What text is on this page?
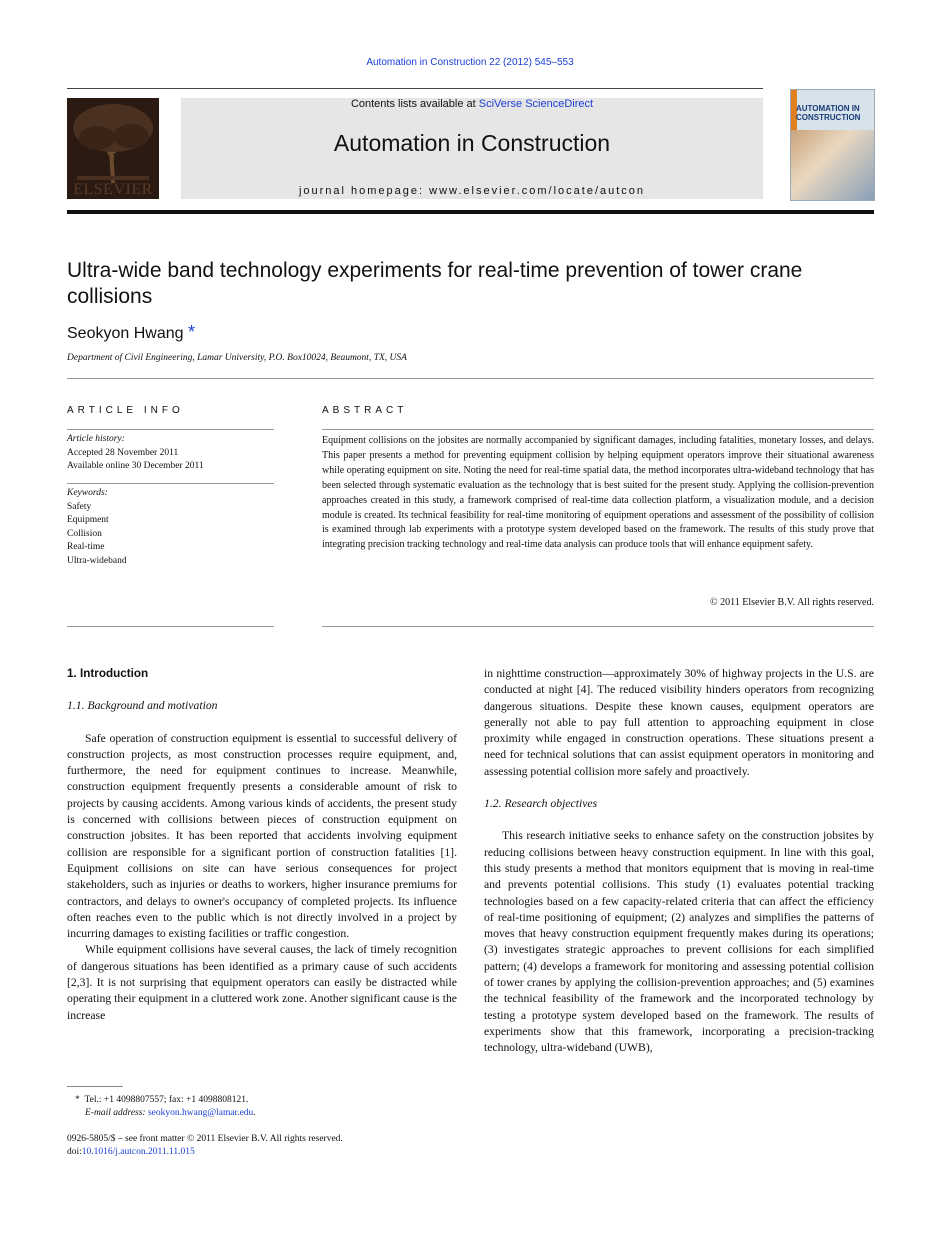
Automation in Construction 22 (2012) 545–553
ELSEVIER
Contents lists available at SciVerse ScienceDirect
Automation in Construction
journal homepage: www.elsevier.com/locate/autcon
AUTOMATION IN CONSTRUCTION
Ultra-wide band technology experiments for real-time prevention of tower crane collisions
Seokyon Hwang *
Department of Civil Engineering, Lamar University, P.O. Box10024, Beaumont, TX, USA
ARTICLE INFO
Article history:
Accepted 28 November 2011
Available online 30 December 2011
Keywords:
Safety
Equipment
Collision
Real-time
Ultra-wideband
ABSTRACT
Equipment collisions on the jobsites are normally accompanied by significant damages, including fatalities, monetary losses, and delays. This paper presents a method for preventing equipment collision by helping equipment operators improve their situational awareness while operating equipment on site. Noting the need for real-time spatial data, the method incorporates ultra-wideband technology that has been selected through systematic evaluation as the technology that is best suited for the present study. Applying the collision-prevention approaches created in this study, a framework comprised of real-time data collection platform, a visualization module, and a decision module is created. Its technical feasibility for real-time monitoring of equipment operations and assessment of the possibility of collision is examined through lab experiments with a prototype system developed based on the framework. The results of this study prove that integrating precision tracking technology and real-time data analysis can produce tools that will enhance equipment safety.
© 2011 Elsevier B.V. All rights reserved.
1. Introduction
1.1. Background and motivation

Safe operation of construction equipment is essential to successful delivery of construction projects, as most construction processes require equipment, and, furthermore, the need for equipment continues to increase. Meanwhile, construction equipment frequently presents a considerable amount of risk to projects by causing accidents. Among various kinds of accidents, the present study is concerned with collisions between pieces of construction equipment on construction jobsites. It has been reported that accidents involving equipment collision are responsible for a significant portion of construction fatalities [1]. Equipment collisions on site can have serious consequences for project stakeholders, such as injuries or deaths to workers, higher insurance premiums for contractors, and delays to owner's occupancy of completed projects. Its influence often reaches even to the public which is not directly involved in a project by incurring damages to existing facilities or traffic congestion.

While equipment collisions have several causes, the lack of timely recognition of dangerous situations has been identified as a primary cause of such accidents [2,3]. It is not surprising that equipment operators can easily be distracted while operating their equipment in a cluttered work zone. Another significant cause is the increase

in nighttime construction—approximately 30% of highway projects in the U.S. are conducted at night [4]. The reduced visibility hinders operators from recognizing dangerous situations. Despite these known causes, equipment operators are generally not able to pay full attention to approaching equipment in close proximity while engaged in construction operations. These situations present a need for technical solutions that can assist equipment operators in monitoring and assessing potential collision more safely and proactively.

1.2. Research objectives

This research initiative seeks to enhance safety on the construction jobsites by reducing collisions between heavy construction equipment. In line with this goal, this study presents a method that monitors equipment that is moving in real-time and prevents potential collisions. This study (1) evaluates potential tracking technologies based on a few capacity-related criteria that can affect the efficiency of real-time positioning of equipment; (2) analyzes and simplifies the patterns of moves that heavy construction equipment frequently makes during its operations; (3) investigates strategic approaches to prevent collisions for each simplified pattern; (4) develops a framework for monitoring and assessing potential collision of tower cranes by applying the collision-prevention approaches; and (5) examines the technical feasibility of the framework and the incorporated technology by testing a prototype system developed based on the framework. The results of experiments show that this framework, incorporating a precision-tracking technology, ultra-wideband (UWB),

* Tel.: +1 4098807557; fax: +1 4098808121.
E-mail address: seokyon.hwang@lamar.edu.
0926-5805/$ – see front matter © 2011 Elsevier B.V. All rights reserved.
doi:10.1016/j.autcon.2011.11.015
